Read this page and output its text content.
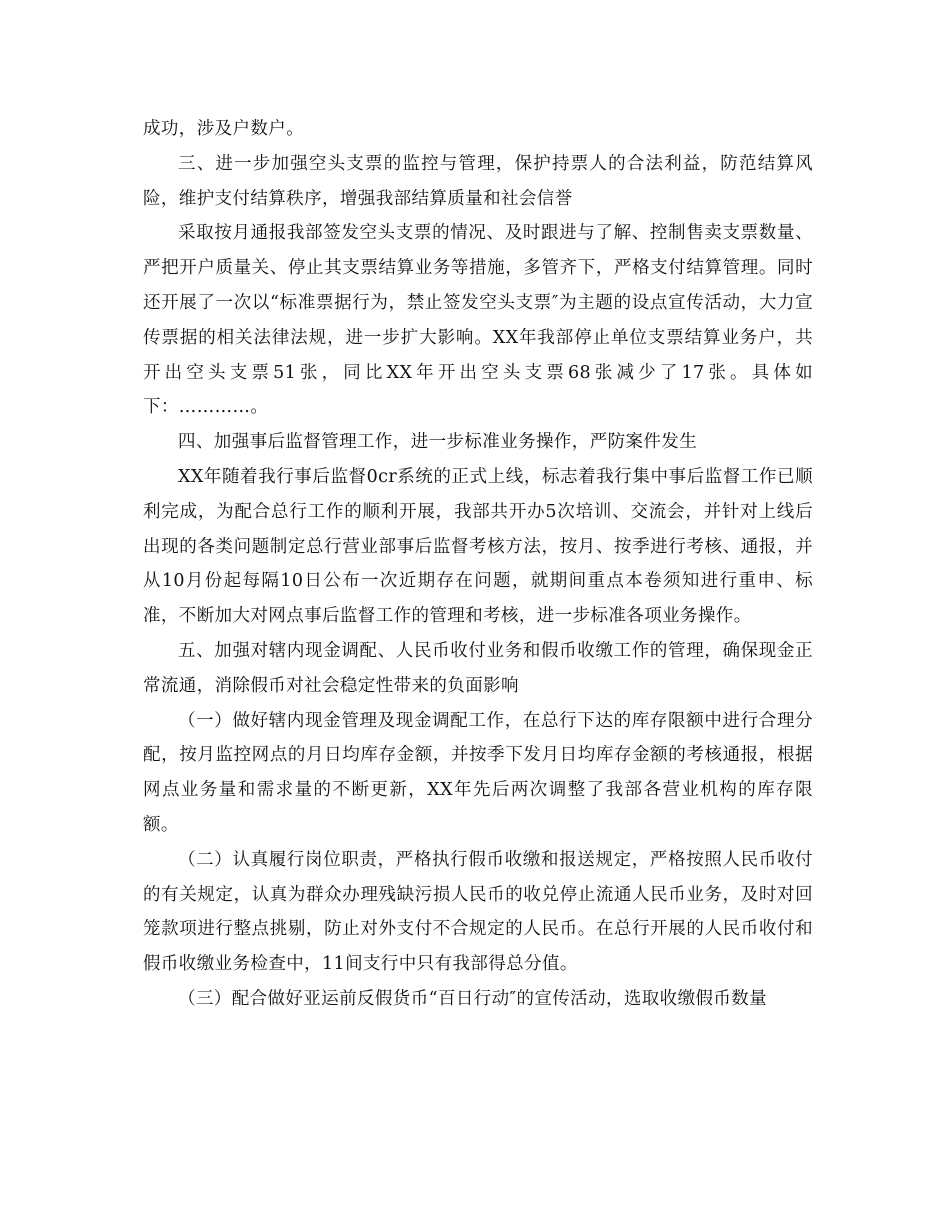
成功，涉及户数户。

三、进一步加强空头支票的监控与管理，保护持票人的合法利益，防范结算风险，维护支付结算秩序，增强我部结算质量和社会信誉

采取按月通报我部签发空头支票的情况、及时跟进与了解、控制售卖支票数量、严把开户质量关、停止其支票结算业务等措施，多管齐下，严格支付结算管理。同时还开展了一次以“标准票据行为，禁止签发空头支票″为主题的设点宣传活动，大力宣传票据的相关法律法规，进一步扩大影响。XX年我部停止单位支票结算业务户，共开出空头支票51张，同比XX年开出空头支票68张减少了17张。具体如下：…………。

四、加强事后监督管理工作，进一步标准业务操作，严防案件发生

XX年随着我行事后监督0cr系统的正式上线，标志着我行集中事后监督工作已顺利完成，为配合总行工作的顺利开展，我部共开办5次培训、交流会，并针对上线后出现的各类问题制定总行营业部事后监督考核方法，按月、按季进行考核、通报，并从10月份起每隔10日公布一次近期存在问题，就期间重点本卷须知进行重申、标准，不断加大对网点事后监督工作的管理和考核，进一步标准各项业务操作。

五、加强对辖内现金调配、人民币收付业务和假币收缴工作的管理，确保现金正常流通，消除假币对社会稳定性带来的负面影响

（一）做好辖内现金管理及现金调配工作，在总行下达的库存限额中进行合理分配，按月监控网点的月日均库存金额，并按季下发月日均库存金额的考核通报，根据网点业务量和需求量的不断更新，XX年先后两次调整了我部各营业机构的库存限额。

（二）认真履行岗位职责，严格执行假币收缴和报送规定，严格按照人民币收付的有关规定，认真为群众办理残缺污损人民币的收兑停止流通人民币业务，及时对回笼款项进行整点挑剔，防止对外支付不合规定的人民币。在总行开展的人民币收付和假币收缴业务检查中，11间支行中只有我部得总分值。

（三）配合做好亚运前反假货币“百日行动″的宣传活动，选取收缴假币数量
